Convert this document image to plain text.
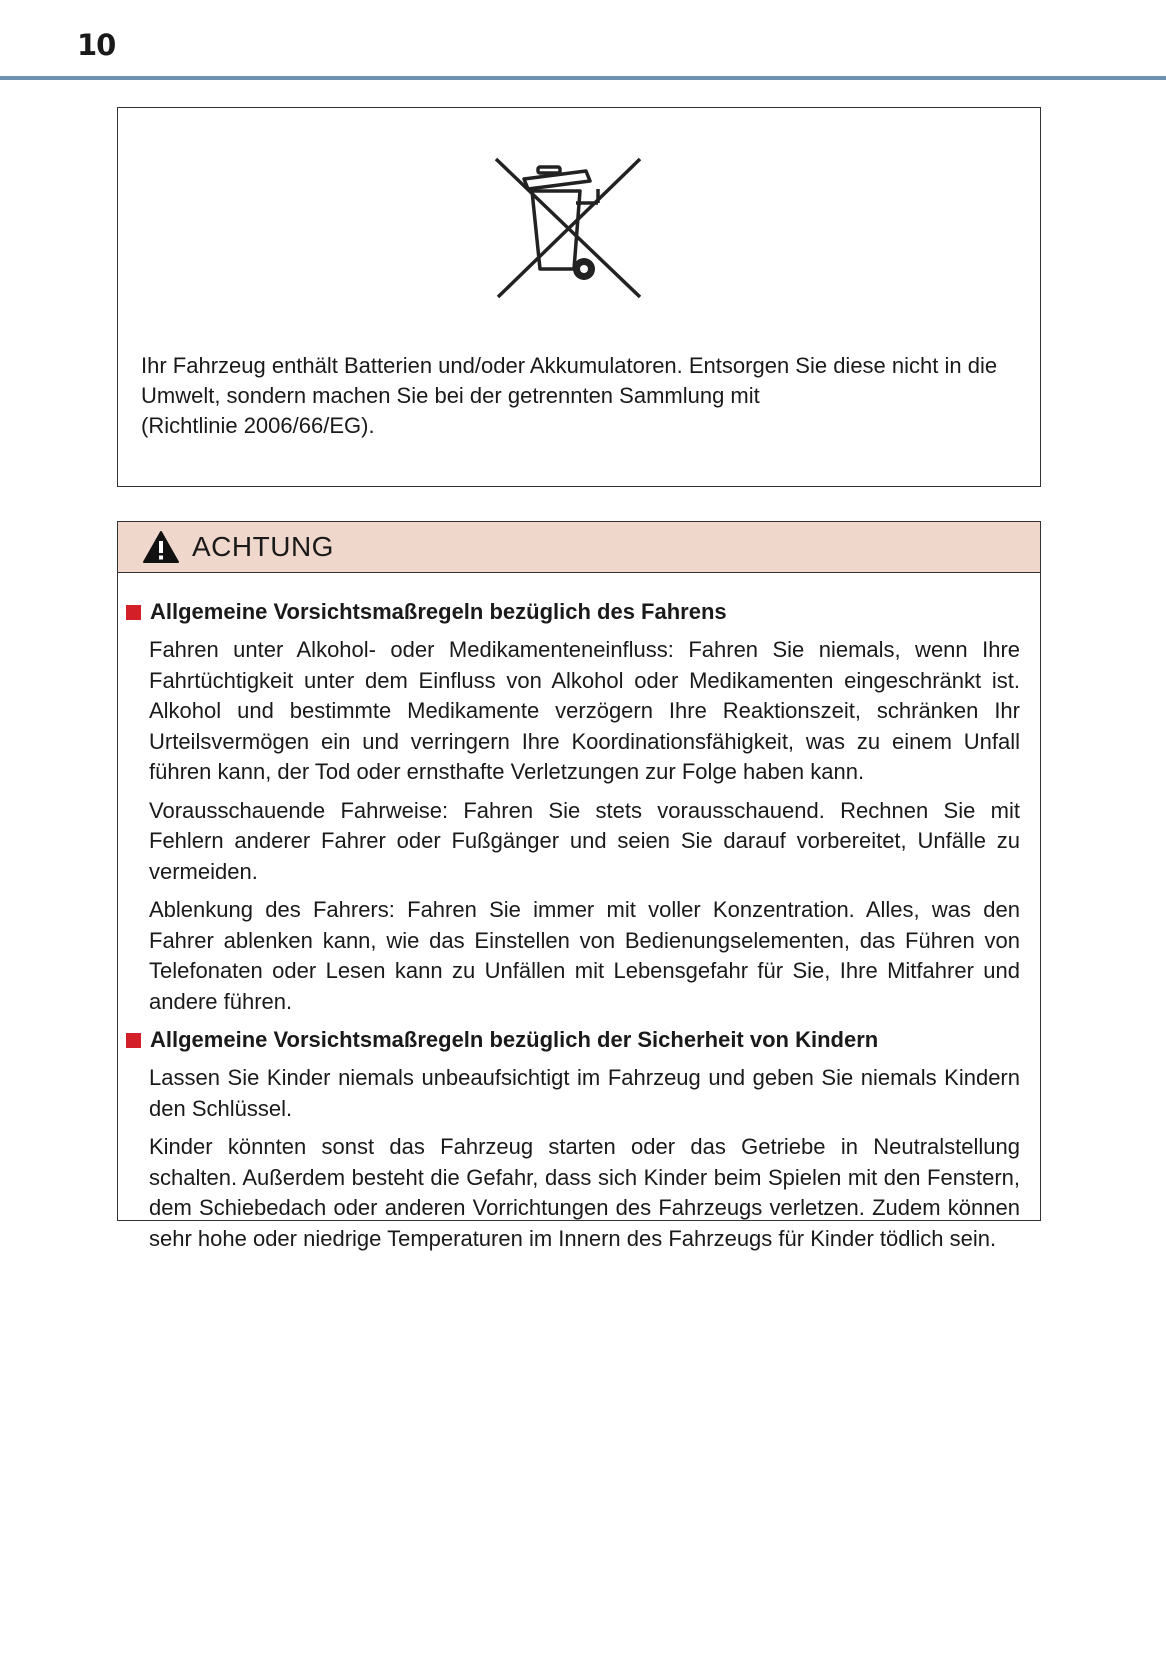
10
Ihr Fahrzeug enthält Batterien und/oder Akkumulatoren. Entsorgen Sie diese nicht in die
Umwelt, sondern machen Sie bei der getrennten Sammlung mit
(Richtlinie 2006/66/EG).
ACHTUNG
Allgemeine Vorsichtsmaßregeln bezüglich des Fahrens

Fahren unter Alkohol- oder Medikamenteneinfluss: Fahren Sie niemals, wenn Ihre Fahrtüchtigkeit unter dem Einfluss von Alkohol oder Medikamenten eingeschränkt ist. Alkohol und bestimmte Medikamente verzögern Ihre Reaktionszeit, schränken Ihr Urteilsvermögen ein und verringern Ihre Koordinationsfähigkeit, was zu einem Unfall führen kann, der Tod oder ernsthafte Verletzungen zur Folge haben kann.

Vorausschauende Fahrweise: Fahren Sie stets vorausschauend. Rechnen Sie mit Fehlern anderer Fahrer oder Fußgänger und seien Sie darauf vorbereitet, Unfälle zu vermeiden.

Ablenkung des Fahrers: Fahren Sie immer mit voller Konzentration. Alles, was den Fahrer ablenken kann, wie das Einstellen von Bedienungselementen, das Führen von Telefonaten oder Lesen kann zu Unfällen mit Lebensgefahr für Sie, Ihre Mitfahrer und andere führen.

Allgemeine Vorsichtsmaßregeln bezüglich der Sicherheit von Kindern

Lassen Sie Kinder niemals unbeaufsichtigt im Fahrzeug und geben Sie niemals Kindern den Schlüssel.

Kinder könnten sonst das Fahrzeug starten oder das Getriebe in Neutralstellung schalten. Außerdem besteht die Gefahr, dass sich Kinder beim Spielen mit den Fenstern, dem Schiebedach oder anderen Vorrichtungen des Fahrzeugs verletzen. Zudem können sehr hohe oder niedrige Temperaturen im Innern des Fahrzeugs für Kinder tödlich sein.
